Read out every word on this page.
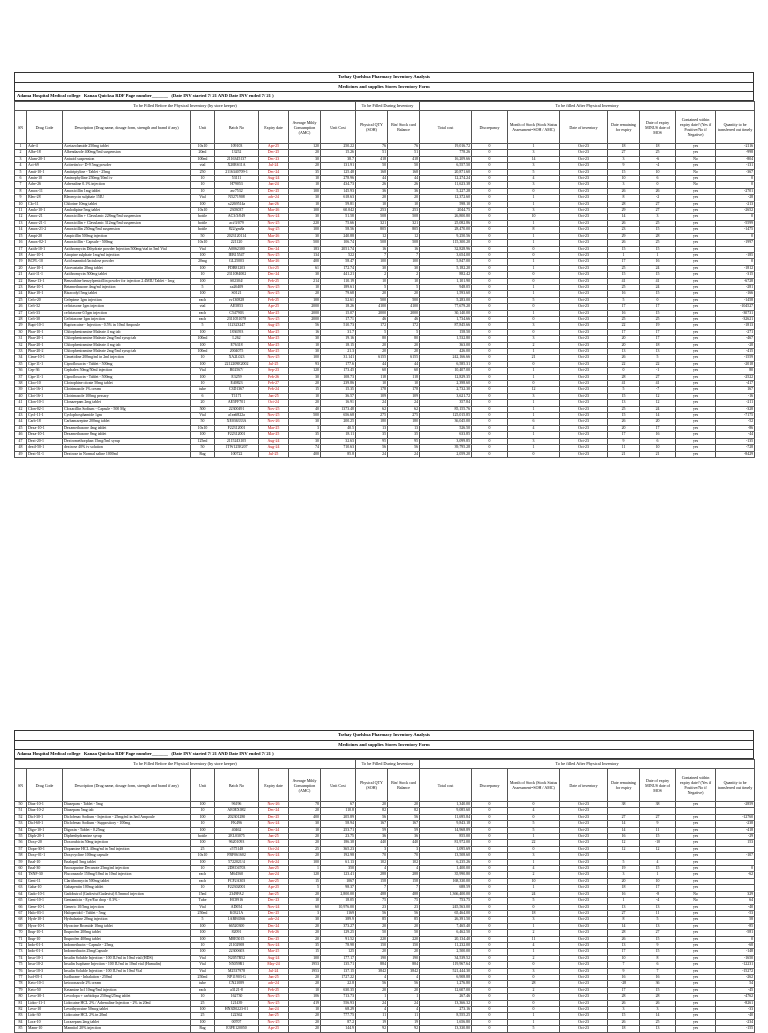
Tsehay Quelshsa Pharmacy Inventory Analysis
Medicines and supplies Stores Inventory Form
Adama Hospital Medical college   Kanaa Quicksa RDF Page number_______   (Date INV started 7/ 21 AND Date INV ended 7/ 21 )
To be Filled Before the Physical Inventory (by store keeper)								To be Filled During Inventory		To be filled After Physical Inventory							
SN	Drug Code	Description (Drug name, dosage form, strength and brand if any)	Unit	Batch No	Expiry date	Average Mthly Consumption (AMC)	Unit Cost	Physical QTY (SOH)	Bin/ Stock card Balance	Total cost	Discrepancy	Month of Stock (Stock Status Assessment=SOH / AMC)	Date of inventory	Date remaining for expiry	Date of expiry MINUS date of MOS	Contained within expiry date? (Yes if Positive/No if Negative)	Quantity to be transferred out timely
1	Ade-4	Acetazolamide 250mg tablet	10x10	109103	Apr-25	120	250.22	76	76	19,016.72	0	1	Oct-23	18	18	yes	-2116
2	Albe-18	Albendazole 400mg/5ml suspension	20ml	13252	Dec-25	20	15.26	51	51	778.26	0	3	Oct-23	27	25	yes	-998
3	Alum-20-1	Antacid suspension	100ml	2116345137	Dec-23	30	38.7	418	418	16,209.66	0	14	Oct-23	3	-6	No	-804
4	Aci-69	Acitretin/cc- D-9 5mg powder	vial	X20RS11A	Jul-24	20	131.91	50	50	6,557.50	0	3	Oct-23	9	-4	yes	-131
5	Amit-10-1	Amitriptyline - Tablet - 25mg	250	2116340709-1	Dec-24	35	125.48	168	168	20,871.60	0	5	Oct-23	15	10	No	-367
6	Amin-10	Aminophylline 250mg/10ml iv	10	53111	Aug-24	10	278.96	44	44	12,274.24	0	4	Oct-23	10	6	yes	0
7	Adre-26	Adrenaline 0.1% injection	10	H79053	Jan-24	10	434.73	26	26	11,623.38	0	3	Oct-23	3	0	No	0
8	Amox-11	Amoxicillin 1mg tablet	10	aw7532	Dec-25	100	145.93	36	36	5,227.28	0	0	Oct-23	26	26	yes	-2701
9	Bleo-28	Bleomycin sulphate 15IU	Vial	N5271908	adv-24	30	618.63	20	20	12,372.60	0	1	Oct-23	8	-2	yes	-28
10	Clo-11	Chlorine 10mg tablet	100	x2269514a	Jan-26	10	59.81	10	10	598.10	0	1	Oct-23	28	27	yes	-213
11	Amlo-10-1	Amlodipine 5mg tablet	10x10	2303037	Mar-26	100	60.042	253	253	2044.75	0	3	Oct-23	29	27	yes	-2652
12	Amoc-21	Amoxicillin + Clavulanic 228mg/5ml suspension	bottle	AC3/3/049	Nov-24	30	51.58	508	508	26,800.80	0	10	Oct-23	14	3	yes	0
13	Amoc-21-1	Amoxicillin + Clavulanic 312mg/5ml suspension	bottle	aci/3/079	Nov-25	220	75.66	321	321	25,082.86	0	1	Oct-23	26	25	yes	-5599
14	Amox-21-2	Amoxicillin 250mg/5ml suspension	bottle	822/gm8a	Aug-25	100	58.56	805	805	28,470.00	0	8	Oct-23	23	15	yes	-1475
15	Ampi-20	Ampicillin 500mg injection	50	2023120114	Mar-26	30	240.88	12	12	9,250.56	0	1	Oct-23	29	28	yes	0
16	Amox-02-1	Amoxicillin - Capsule - 500mg	10x10	221120	Nov-25	500	106.74	508	508	115,300.20	0	1	Oct-23	26	25	yes	-1997
17	Azith-10-1	Azithromycin Dihydrate powder Injection 500mg/vial in 5ml Vial	Vial	A0062300	Dec-24	183	2051.74	16	16	32,828.96	0	0	Oct-23	15	15	yes	
18	Atro-10-1	Atropine sulphate 1mg/ml injection	100	IEB15547	Nov-25	134	522	7	7	3,654.00	0	0	Oct-23	1	1	yes	-185
19	BCPL-10	Acid mannitol/lactulose powder	20mg	GL25003	Mar-26	400	58.47	100	100	5,847.00	0	1	Oct-23	17	16	yes	0
20	Ator-10-1	Atorvastatin 20mg tablet	100	FDB81203	Oct-25	61	172.74	30	30	5,182.20	0	1	Oct-23	25	24	yes	-1812
21	Azit-11-1	Azithromycin 500mg tablet	10	2311084002	Dec-24	30	441.21	2	2	882.42	0	0	Oct-23	15	15	yes	-315
22	Benz-13-1	Benzathine benzylpenicillin powder for injection 2.4MIU Tablet - 1mg	100	S02304/	Feb-25	214	110.19	10	10	1,101.90	0	0	Oct-23	41	41	yes	-6728
23	Beta-10-1	Betamethasone 4mg/ml injection	5	xa26409	Nov-25	10	189.61	5	5	948.05	0	1	Oct-23	25	24	yes	-281
24	Bisa-10-1	Bisacodyl 5mg tablet	100	S0121	Nov-25	20	79.68	20	20	1,593.60	0	1	Oct-23	16	15	yes	-166
25	Cefo-20	Cefepime 1gm injection	each	cv130828	Feb-25	100	52.61	500	500	5,283.00	0	5	Oct-23	5	0	yes	-1458
26	Ceft-32	ceftriaxone 1gm injection	vial	AE5853	Apr-25	2000	18.26	4100	4100	77,679.20	0	0	Oct-23	17	17	yes	-104527
27	Ceft-33	ceftriaxone 0.5gm injection	each	C547903	Mar-25	2000	15.07	2000	2000	30,140.00	0	1	Oct-23	16	15	yes	-30731
28	Ceft-30	Ceftriaxone 1gm injection	each	2311051078	Nov-25	2000	17.71	46	46	1,734.66	0	0	Oct-23	25	25	yes	-32621
29	Bupi-10-1	Bupivacaine - Injection - 0.5% in 10ml Ampoule	5	112323247	Aug-25	56	510.73	172	172	87,845.66	0	3	Oct-23	22	19	yes	-1813
30	Phar-10-1	Chlorpheniramine Maleate 4 mg tab	100	1836593	Mar-25	16	31.7	5	5	158.50	0	0	Oct-23	17	17	yes	-271
31	Phar-20-1	Chlorpheniramine Maleate 2mg/5ml syrup tab	100ml	L262	Mar-25	30	19.16	80	80	1,532.80	0	3	Oct-23	20	17	yes	-467
32	Phar-20-1	Chlorpheniramine Maleate 4 mg tab	100	E76318	Mar-25	10	18.15	20	20	363.00	0	2	Oct-23	20	18	yes	-28
33	Phar-20-2	Chlorpheniramine Maleate 2mg/5ml syrup tab	100ml	2004075	Mar-25	30	21.3	20	20	426.00	0	1	Oct-23	13	13	yes	-415
34	Cime-10-1	Cimetidine 200mg/ml in 2ml injection	10	XA2L023	Nov-25	100	31.141	6155	6155	242,166.66	0	21	Oct-23	26	5	yes	-1559
35	Cipr-11-1	Ciprofloxacin - Tablet - 500mg	100	2212209E2002	Jul-25	93	177.6	44	44	6,585.31	0	0	Oct-23	22	22	yes	-2018
36	Cep-36	Cephalex 50mg/50ml injection	Vial	B02567/	Sep-23	120	173.45	60	60	10,407.00	0	1	Oct-23	0	-1	yes	80
37	Cipr-11-1	Ciprofloxacin - Tablet - 500mg	100	E3259	Feb-26	30	108.73	118	118	12,829.35	0	1	Oct-23	28	27	yes	-2522
38	Cloo-10	Clotrophine citrate 50mg tablet	10	E40823	Feb-27	20	239.86	10	10	2,398.60	0	0	Oct-23	41	41	yes	-417
39	Clot-16-1	Clotrimazole 1% cream	tube	C3D1367	Feb-24	15	15.35	178	178	2,732.30	0	12	Oct-23	5	-7	yes	167
40	Clot-16-1	Clotrimazole 100mg pessary	6	T1171	Jan-25	10	36.57	109	109	3,621.72	0	3	Oct-23	15	12	yes	-16
41	Clon-10-1	Clonazepam 2mg tablet	20	AE5FF701	Oct-24	20	16.91	24	24	357.84	0	1	Oct-23	13	12	yes	-211
42	Clon-02-1	Cloxacillin Sodium - Capsule - 500 Mg	500	22300491	Nov-25	40	1373.48	62	62	85,155.76	0	1	Oct-23	25	24	yes	-328
43	Cycl-11-1	Cyclophosphamide 1gm	Vial	a1ea6822a	Nov-25	500	656.68	275	275	125,015.85	0	1	Oct-23	15	14	yes	-7175
44	Carb-18	Carbamazepine 200mg tablet	50	XE036333A	Nov-26	30	200.25	180	180	36,045.00	0	6	Oct-23	26	20	yes	-52
45	Dexa-10-1	Dexamethasone 4mg tablet	10x10	F22312001	Mar-25	3	40.5	13	13	526.50	0	4	Oct-23	20	17	yes	-86
46	Dexa-10-1	Dexamethasone 8mg tablet	100	F22312001	Mar-25	35	18.11	35	35	633.85	0	1	Oct-23	17	16	yes	-44
47	Dext-20-1	Dextromethorphan 15mg/5ml syrup	125ml	2115243105	Aug-24	30	32.63	95	95	3,099.85	0	3	Oct-23	9	6	yes	-135
48	dextl-50-1	dextrose 40% iv solution	50	1TW125E207	Aug-24	74	710.63	56	56	39,795.28	0	1	Oct-23	11	10	yes	-728
49	Dext-51-1	Dextrose in Normal saline 1000ml	Bag	100722	Jul-25	400	85.8	24	24	2,059.20	0	0	Oct-23	21	21	yes	-8429
Tsehay Quelshsa Pharmacy Inventory Analysis
Medicines and supplies Stores Inventory Form
Adama Hospital Medical college   Kanaa Quicksa RDF Page number_______   (Date INV started 7/ 21 AND Date INV ended 7/ 21 )
To be Filled Before the Physical Inventory (by store keeper)								To be Filled During Inventory		To be filled After Physical Inventory							
SN	Drug Code	Description (Drug name, dosage form, strength and brand if any)	Unit	Batch No	Expiry date	Average Mthly Consumption (AMC)	Unit Cost	Physical QTY (SOH)	Bin/ Stock card Balance	Total cost	Discrepancy	Month of Stock (Stock Status Assessment=SOH / AMC)	Date of inventory	Date remaining for expiry	Date of expiry MINUS date of MOS	Contained within expiry date? (Yes if Positive/No if Negative)	Quantity to be transferred out timely
50	Diaz-10-1	Diazepam - Tablet - 5mg	100	96196	Nov-26	78	67	20	20	1,340.00	0	0	Oct-23	38	38	yes	-2859
51	Diaz-10-2	Diazepam 5mg tab	10	AE0EX082	Dec-24	20	110.8	82	82	9,085.60	0	4	Oct-23				
52	Dicl-30-1	Diclofenac Sodium - Injection - 25mg/ml in 3ml Ampoule	100	202301280	Dec-25	400	205.89	56	56	11,695.84	0	0	Oct-23	27	27	yes	-12760
53	Dicl-60-1	Diclofenac Sodium - Suppository - 100mg	10	FK496	Nov-24	30	58.94	167	167	9,843.18	0	5	Oct-23	14	9	yes	-238
54	Digo-10-1	Digoxin - Tablet - 0.25mg	100	40462	Dec-24	10	253.71	59	59	14,968.89	0	5	Oct-23	14	11	yes	-418
55	Diph-20-1	Diphenhydramine syrup	bottle	2EL03075	Jan-25	20	23.75	36	36	855.00	0	1	Oct-23	16	15	yes	-29
56	Doxy-20	Doxorubicin 50mg injection	100	96201093	Nov-24	20	186.38	440	440	81,972.00	0	22	Oct-23	12	-10	yes	153
57	Dopa-30-1	Dopamine HCL 40mg/ml in 5ml injection	25	c575148	Oct-24	25	365.23	3	3	1,095.69	0	0	Oct-23	12	12	yes	
58	Doxy-01-1	Doxycycline 100mg capsule	10x10	FBF061602	Nov-24	20	192.98	70	70	13,508.60	0	3	Oct-23			yes	-107
59	Enal-10	Enalapril 5mg tablet	100	5722021/4	Feb-24	100	61.13	102	102	6,235.26	0	1	Oct-23	5	4	yes	
60	Enal-30	Enoxaparine Decanote 25mg/ml injection	10	2DEO4703	Jun-25	1	350	4	4	1,400.00	0	4	Oct-23	19	15	yes	0
61	TSNF-30	Fluconazole 150mg/10ml in 10ml injection	each	M64560	Jun-24	120	123.41	288	288	35,990.80	0	2	Oct-23	3	1	yes	-62
62	Gent-11	Clarithromycin 500mg tablet	each	FCF2A303	Jun-25	15	1067	158	158	168,330.00	0	10	Oct-23	20	10	yes	
63	Gaba-10	Gabapentin 100mg tablet	10	F22302001	Apr-25	5	98.37	7	7	688.59	0	1	Oct-23	18	17	yes	
64	Gado-10-1	Gadobutrol (Gadovist/Gadavist) 0.5mmol injection	15ml	2349FA2	Jan-25	20	2,800.00	488	488	1,366,400.00	0	24	Oct-23	16	-8	No	329
65	Gent-10-1	Gentamicin - Eye/Ear drop - 0.3% -	Tube	HC8916	Dec-23	10	18.05	75	75	753.75	0	5	Oct-23	1	-4	No	64
66	Gene-10-1	Generic 10/5mg injection	Vial	AD054	Nov-24	60	10,976.00	23	23	245,563.00	0	0	Oct-23	13	13	yes	-40
67	Halo-03-1	Haloperidol - Tablet - 5mg	250ml	K0321A	Dec-25	3	1169	56	56	65,464.00	0	18	Oct-23	27	11	yes	-53
68	Hydr-10-1	Hydralazine 20mg injection	5	1ABE6566	adv-24	30	389.9	85	85	26,391.50	0	3	Oct-23	8	5	yes	58
69	Hyos-10-1	Hyoscine Bromide 10mg tablet	100	66520300	Dec-24	20	373.27	20	20	7,465.40	0	1	Oct-23	14	13	yes	-85
70	Ibup-10-1	Ibuprofen 200mg tablet	100	82091	Feb-26	20	129.25	50	50	6,462.50	0	2	Oct-23	28	27	yes	-581
71	Ibup-10	Ibuprofen 400mg tablet	100	M8E5015	Dec-25	20	91.52	220	220	20,134.40	0	11	Oct-23	26	15	yes	0
72	Indo-01-1	Indomethacin - Capsule - 25mg	10	21102908	Nov-24	35	78.98	150	150	11,232.00	0	4	Oct-23	13	9	yes	-68
73	Indo-01-1	Indomethacin 25mgCapsule	100	22300603	Mar-25	15	125	20	20	2,500.00	0	1	Oct-23	17	15	yes	-148
74	Insu-10-1	Insulin Soluble Injection - 100 IU/ml in 10ml vial (HDS)	Vial	N2057B52	Aug-24	100	177.17	190	190	34,539.52	0	2	Oct-23	10	8	yes	-1650
75	Insu-10-2	Insulin Isophane Injection - 100 IU/ml in 10ml vial (Humulin)	Vial	N5059B1	May-24	1953	135.71	884	884	119,967.64	0	0	Oct-23	7	6	yes	-12231
76	Insu-10-3	Insulin Soluble Injection - 100 IU/ml in 10ml Vial	Vial	M2537978	Jul-24	1953	137.15	3842	3842	521,444.30	0	3	Oct-23	9	7	yes	-15272
77	Isof-05-1	Isoflurane - Inhalation - 250ml	250ml	NP11903-G	Jan-25	20	1727.22	4	4	6,908.88	0	0	Oct-23	16	16	yes	-262
78	Keto-10-1	ketoconazole 2% cream	tube	CN21089	adv-24	20	22.8	56	56	1,276.80	0	28	Oct-23	-28	36	yes	54
79	Keto-50	Ketamine hcl 10mg/5ml injection	each	a3121-8	Feb-25	10	630.35	20	20	12,607.00	0	2	Oct-23	17	15	yes	-45
80	Levo-30-1	Levodopa + carbidopa 250mg/25mg tablet	10	162730	Nov-25	106	713.73	1	1	267.46	0	0	Oct-23	28	28	yes	-4762
81	Lidoc-11-1	Lidocaine HCL 2% / Adrenaline Injection - 2% in 20ml	25	121439	Nov-25	419	556.93	24	24	13,366.32	0	0	Oct-23	26	26	yes	-8261
82	Levo-10	Levothyroxine 50mcg tablet	100	HN3D0223-01	Jan-24	10	68.29	4	4	273.16	0	0	Oct-23	3	3	yes	-33
83	Lido-30	Lidocaine HCL 2% in 20ml	25	122362	Jan-25	20	777.75	11	11	8,555.25	0	1	Oct-23	15	14	yes	-40
84	Lora-10	Lorazepam 2mg tablet	100	00707	Nov-25	20	87.2	19	19	1,656.80	0	1	Oct-23	26	25	yes	-234
85	Mann-10	Mannitol 20% injection	Bag	E3PE120050	Apr-25	20	144.9	92	92	13,330.80	0	5	Oct-23	18	13	yes	-155
